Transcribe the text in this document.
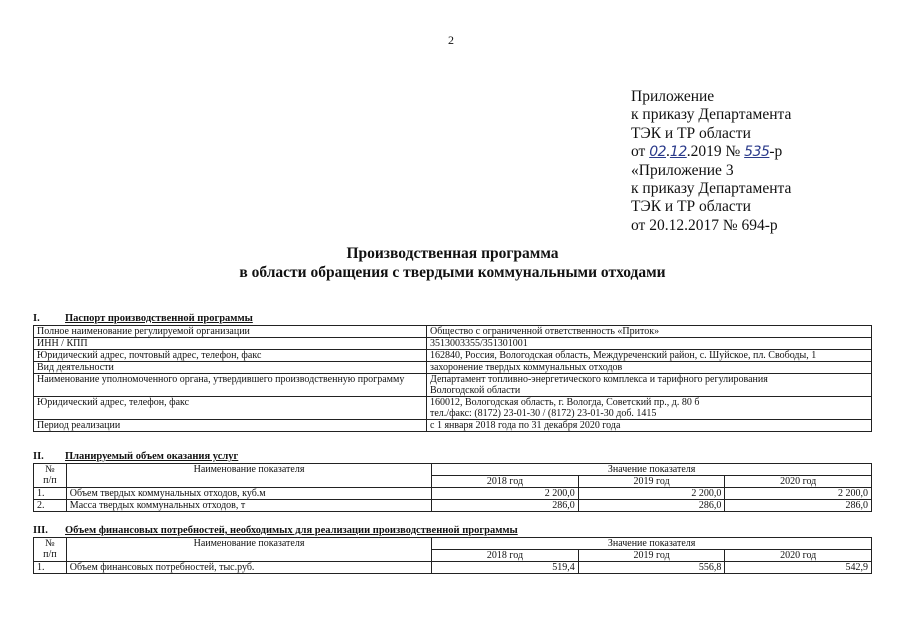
2
Приложение
к приказу Департамента
ТЭК и ТР области
от 02.12.2019 № 535-р
«Приложение 3
к приказу Департамента
ТЭК и ТР области
от 20.12.2017 № 694-р
Производственная программа
в области обращения с твердыми коммунальными отходами
I. Паспорт производственной программы
Полное наименование регулируемой организации	Общество с ограниченной ответственность «Приток»
ИНН / КПП	3513003355/351301001
Юридический адрес, почтовый адрес, телефон, факс	162840, Россия, Вологодская область, Междуреченский район, с. Шуйское, пл. Свободы, 1
Вид деятельности	захоронение твердых коммунальных отходов
Наименование уполномоченного органа, утвердившего производственную программу	Департамент топливно-энергетического комплекса и тарифного регулирования
Вологодской области

Юридический адрес, телефон, факс	160012, Вологодская область, г. Вологда, Советский пр., д. 80 б
тел./факс: (8172) 23-01-30 / (8172) 23-01-30 доб. 1415

Период реализации	с 1 января 2018 года по 31 декабря 2020 года
II. Планируемый объем оказания услуг
№
п/п	Наименование показателя	Значение показателя		
		2018 год	2019 год	2020 год
1.	Объем твердых коммунальных отходов, куб.м	2 200,0	2 200,0	2 200,0
2.	Масса твердых коммунальных отходов, т	286,0	286,0	286,0
III. Объем финансовых потребностей, необходимых для реализации производственной программы
№
п/п	Наименование показателя	Значение показателя		
		2018 год	2019 год	2020 год
1.	Объем финансовых потребностей, тыс.руб.	519,4	556,8	542,9
